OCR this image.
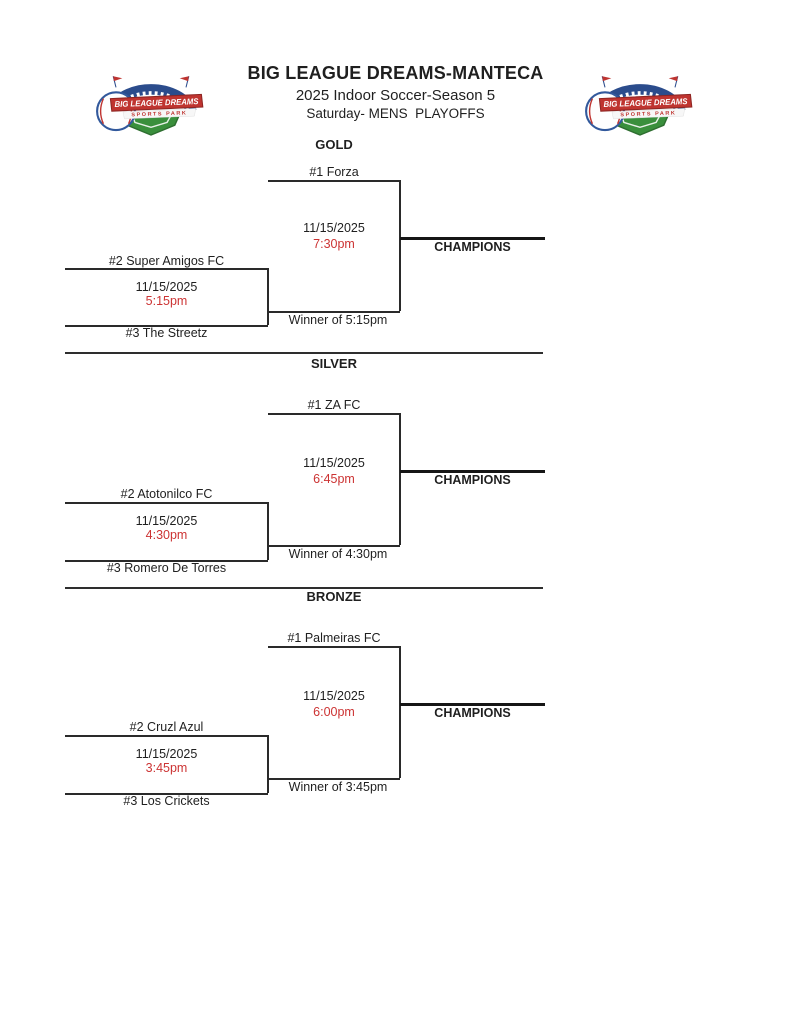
BIG LEAGUE DREAMS
SPORTS PARK
BIG LEAGUE DREAMS
SPORTS PARK
BIG LEAGUE DREAMS-MANTECA
2025 Indoor Soccer-Season 5
Saturday- MENS  PLAYOFFS
GOLD
#1 Forza
11/15/2025
7:30pm	CHAMPIONS
#2 Super Amigos FC
11/15/2025
5:15pm
Winner of 5:15pm
#3 The Streetz
SILVER
#1 ZA FC
11/15/2025
6:45pm	CHAMPIONS
#2 Atotonilco FC
11/15/2025
4:30pm
Winner of 4:30pm
#3 Romero De Torres
BRONZE
#1 Palmeiras FC
11/15/2025
6:00pm	CHAMPIONS
#2 Cruzl Azul
11/15/2025
3:45pm
Winner of 3:45pm
#3 Los Crickets
